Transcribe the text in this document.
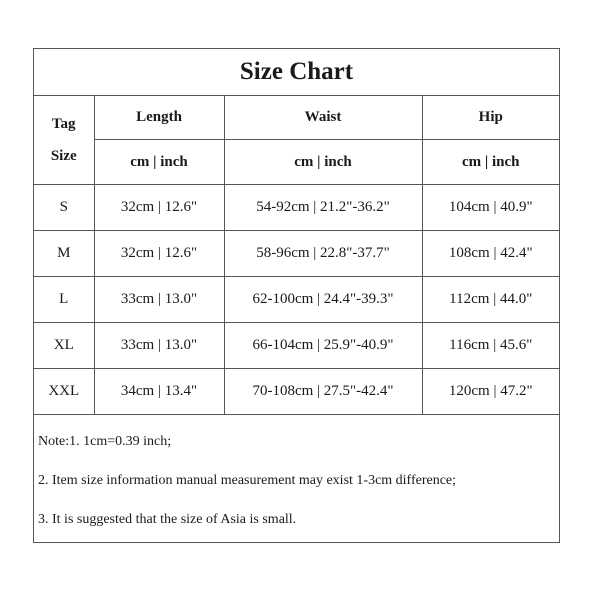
Size Chart
Tag
Size	Length	Waist	Hip
	cm | inch	cm | inch	cm | inch
S	32cm | 12.6"	54-92cm | 21.2"-36.2"	104cm | 40.9"
M	32cm | 12.6"	58-96cm | 22.8"-37.7"	108cm | 42.4"
L	33cm | 13.0"	62-100cm | 24.4"-39.3"	112cm | 44.0"
XL	33cm | 13.0"	66-104cm | 25.9"-40.9"	116cm | 45.6"
XXL	34cm | 13.4"	70-108cm | 27.5"-42.4"	120cm | 47.2"
Note:1. 1cm=0.39 inch;
2. Item size information manual measurement may exist 1-3cm difference;
3. It is suggested that the size of Asia is small.
